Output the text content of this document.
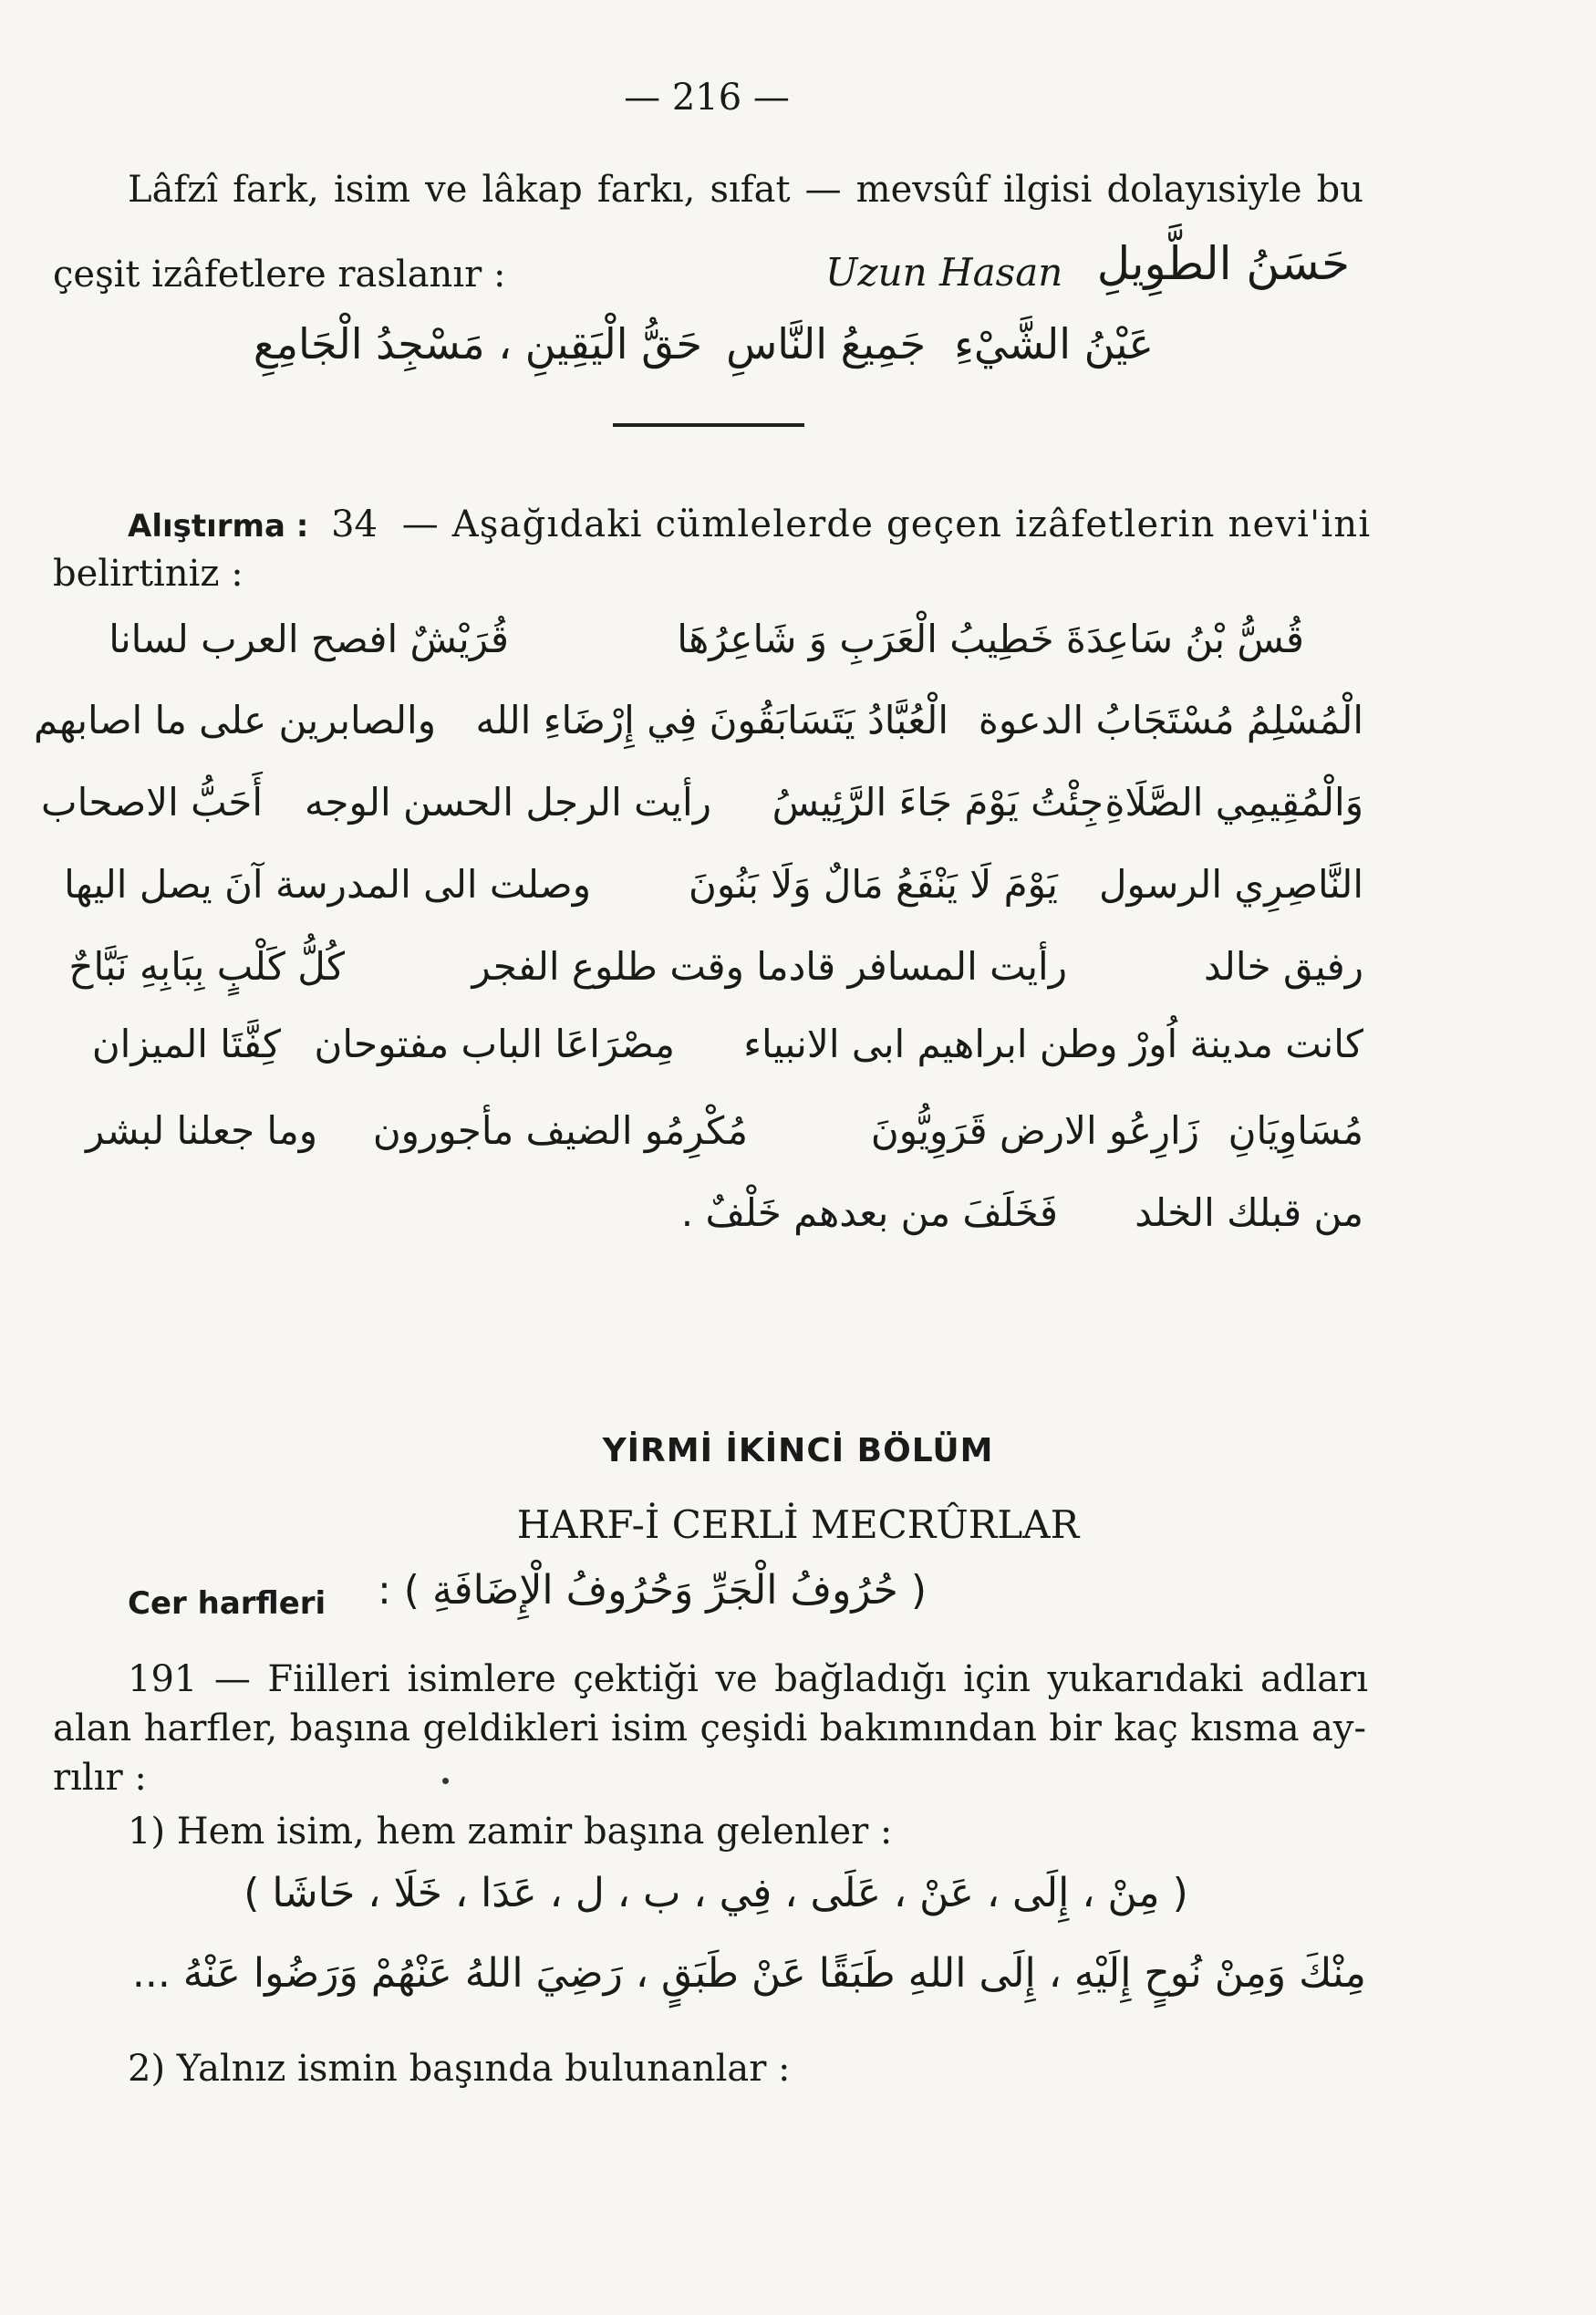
— 216 —
Lâfzî fark, isim ve lâkap farkı, sıfat — mevsûf ilgisi dolayısiyle bu
çeşit izâfetlere raslanır :	Uzun Hasan حَسَنُ الطَّوِيلِ
عَيْنُ الشَّيْءِ
جَمِيعُ النَّاسِ
حَقُّ الْيَقِينِ ، مَسْجِدُ الْجَامِعِ
Alıştırma : 34 — Aşağıdaki cümlelerde geçen izâfetlerin nevi'ini
belirtiniz :
قُسُّ بْنُ سَاعِدَةَ خَطِيبُ الْعَرَبِ وَ شَاعِرُهَا
قُرَيْشٌ افصح العرب لسانا
الْمُسْلِمُ مُسْتَجَابُ الدعوة
الْعُبَّادُ يَتَسَابَقُونَ فِي إِرْضَاءِ الله
والصابرين على ما اصابهم
وَالْمُقِيمِي الصَّلَاةِ
جِئْتُ يَوْمَ جَاءَ الرَّئِيسُ
رأيت الرجل الحسن الوجه
أَحَبُّ الاصحاب
النَّاصِرِي الرسول
يَوْمَ لَا يَنْفَعُ مَالٌ وَلَا بَنُونَ
وصلت الى المدرسة آنَ يصل اليها
رفيق خالد
رأيت المسافر قادما وقت طلوع الفجر
كُلُّ كَلْبٍ بِبَابِهِ نَبَّاحٌ
كانت مدينة اُورْ وطن ابراهيم ابى الانبياء
مِصْرَاعَا الباب مفتوحان
كِفَّتَا الميزان
مُسَاوِيَانِ
زَارِعُو الارض قَرَوِيُّونَ
مُكْرِمُو الضيف مأجورون
وما جعلنا لبشر
من قبلك الخلد
فَخَلَفَ من بعدهم خَلْفٌ .
YİRMİ İKİNCİ BÖLÜM
HARF-İ CERLİ MECRÛRLAR
Cer harfleri ( حُرُوفُ الْجَرِّ وَحُرُوفُ الْإِضَافَةِ ) :
191 — Fiilleri isimlere çektiği ve bağladığı için yukarıdaki adları
alan harfler, başına geldikleri isim çeşidi bakımından bir kaç kısma ay-
rılır :
1) Hem isim, hem zamir başına gelenler :
( مِنْ ، إِلَى ، عَنْ ، عَلَى ، فِي ، ب ، ل ، عَدَا ، خَلَا ، حَاشَا )
مِنْكَ وَمِنْ نُوحٍ إِلَيْهِ ، إِلَى اللهِ طَبَقًا عَنْ طَبَقٍ ، رَضِيَ اللهُ عَنْهُمْ وَرَضُوا عَنْهُ ...
2) Yalnız ismin başında bulunanlar :
